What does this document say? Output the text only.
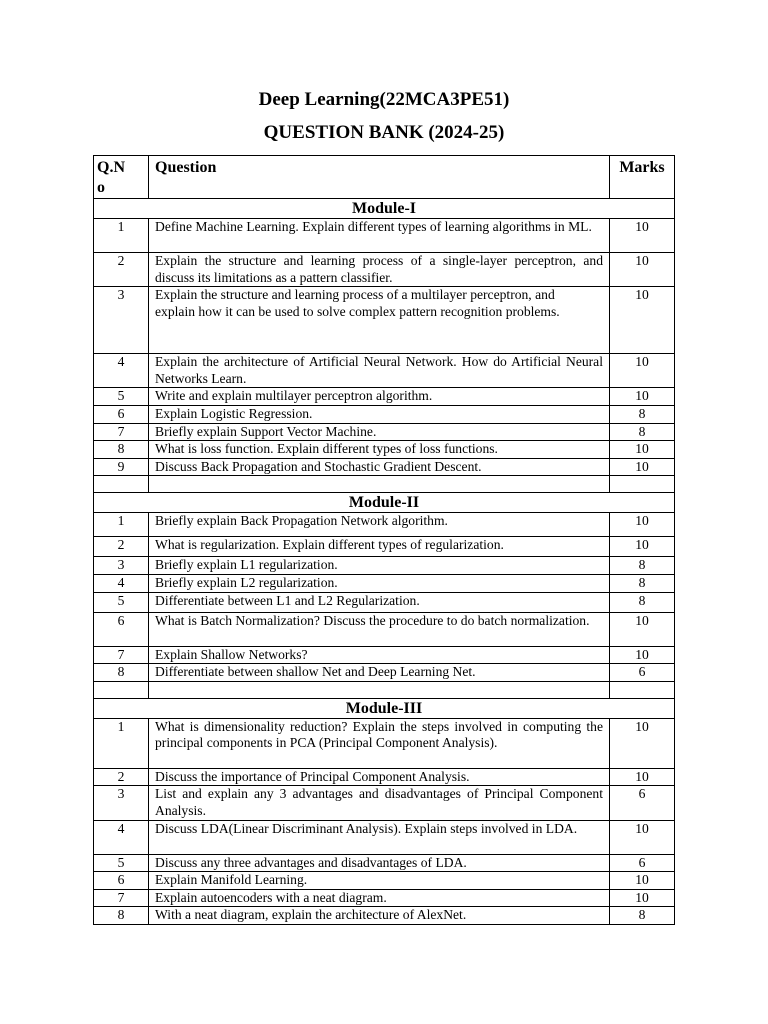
Deep Learning(22MCA3PE51)
QUESTION BANK (2024-25)
Q.N
o	Question	Marks
Module-I		
1	Define Machine Learning. Explain different types of learning algorithms in ML.	10
2	Explain the structure and learning process of a single-layer perceptron, and discuss its limitations as a pattern classifier.	10
3	Explain the structure and learning process of a multilayer perceptron, and
explain how it can be used to solve complex pattern recognition problems.	10
4	Explain the architecture of Artificial Neural Network. How do Artificial Neural Networks Learn.	10
5	Write and explain multilayer perceptron algorithm.	10
6	Explain Logistic Regression.	8
7	Briefly explain Support Vector Machine.	8
8	What is loss function. Explain different types of loss functions.	10
9	Discuss Back Propagation and Stochastic Gradient Descent.	10

Module-II		
1	Briefly explain Back Propagation Network algorithm.	10
2	What is regularization. Explain different types of regularization.	10
3	Briefly explain L1 regularization.	8
4	Briefly explain L2 regularization.	8
5	Differentiate between L1 and L2 Regularization.	8
6	What is Batch Normalization? Discuss the procedure to do batch normalization.	10
7	Explain Shallow Networks?	10
8	Differentiate between shallow Net and Deep Learning Net.	6

Module-III		
1	What is dimensionality reduction? Explain the steps involved in computing the principal components in PCA (Principal Component Analysis).	10
2	Discuss the importance of Principal Component Analysis.	10
3	List and explain any 3 advantages and disadvantages of Principal Component Analysis.	6
4	Discuss LDA(Linear Discriminant Analysis). Explain steps involved in LDA.	10
5	Discuss any three advantages and disadvantages of LDA.	6
6	Explain Manifold Learning.	10
7	Explain autoencoders with a neat diagram.	10
8	With a neat diagram, explain the architecture of AlexNet.	8
